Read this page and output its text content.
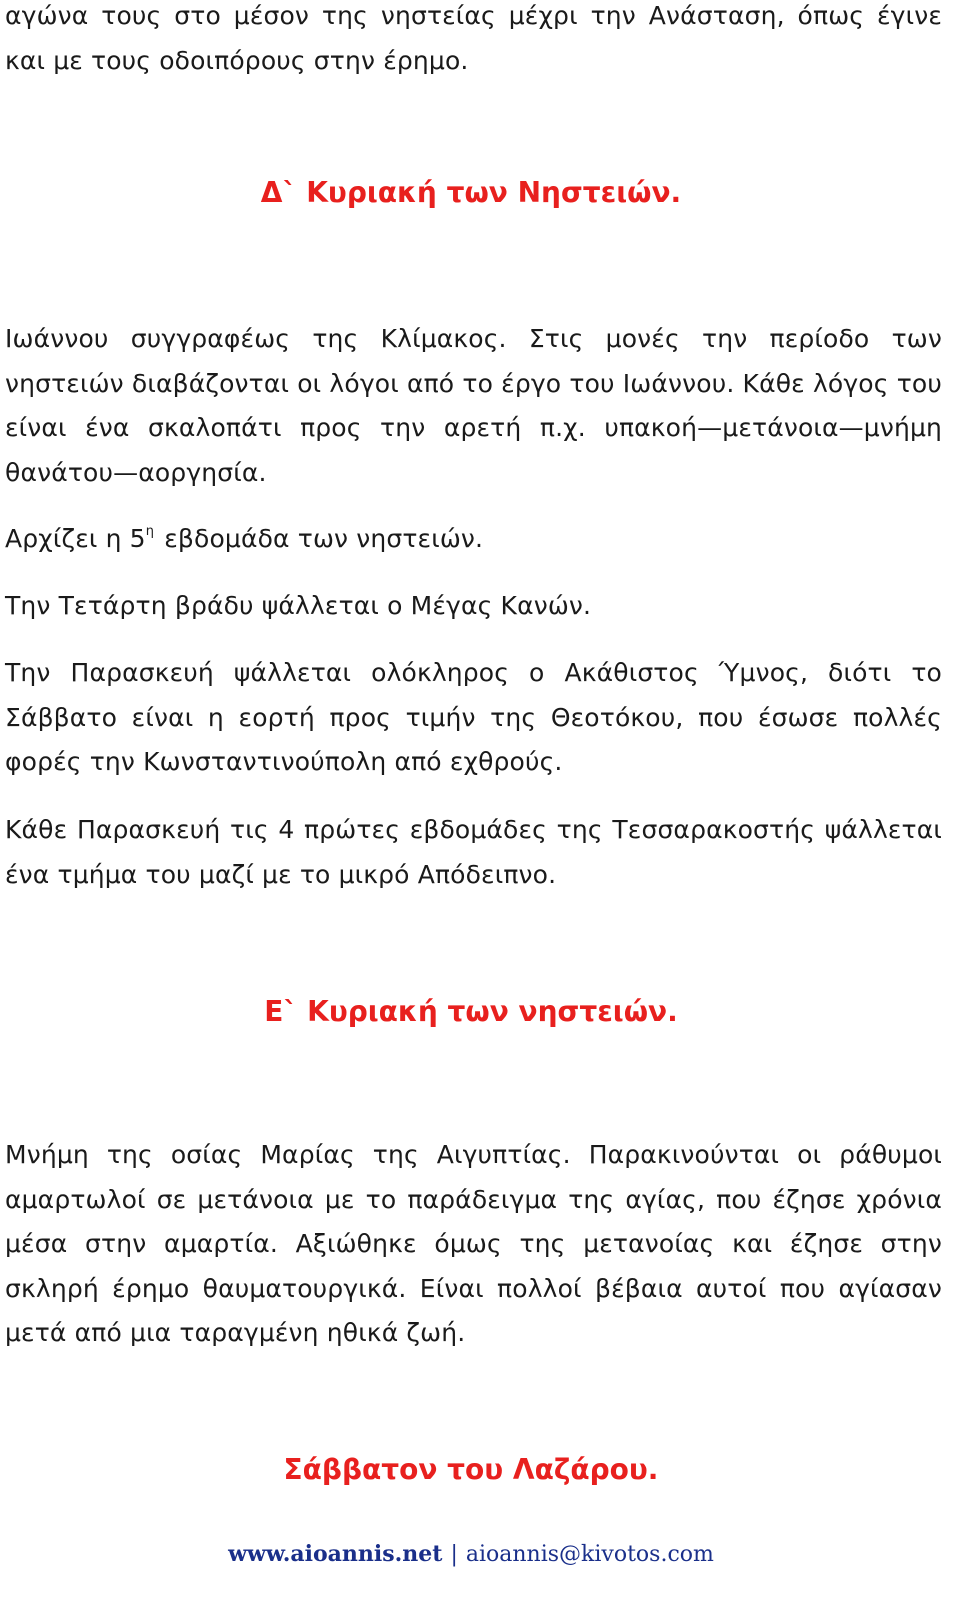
αγώνα τους στο μέσον της νηστείας μέχρι την Ανάσταση, όπως έγινε και με τους οδοιπόρους στην έρημο.

Δ` Κυριακή των Νηστειών.

Ιωάννου συγγραφέως της Κλίμακος. Στις μονές την περίοδο των νηστειών διαβάζονται οι λόγοι από το έργο του Ιωάννου. Κάθε λόγος του είναι ένα σκαλοπάτι προς την αρετή π.χ. υπακοή—μετάνοια—μνήμη θανάτου—αοργησία.

Αρχίζει η $5^\eta$ εβδομάδα των νηστειών.

Την Τετάρτη βράδυ ψάλλεται ο Μέγας Κανών.

Την Παρασκευή ψάλλεται ολόκληρος ο Ακάθιστος Ύμνος, διότι το Σάββατο είναι η εορτή προς τιμήν της Θεοτόκου, που έσωσε πολλές φορές την Κωνσταντινούπολη από εχθρούς.

Κάθε Παρασκευή τις 4 πρώτες εβδομάδες της Τεσσαρακοστής ψάλλεται ένα τμήμα του μαζί με το μικρό Απόδειπνο.

Ε` Κυριακή των νηστειών.

Μνήμη της οσίας Μαρίας της Αιγυπτίας. Παρακινούνται οι ράθυμοι αμαρτωλοί σε μετάνοια με το παράδειγμα της αγίας, που έζησε χρόνια μέσα στην αμαρτία. Αξιώθηκε όμως της μετανοίας και έζησε στην σκληρή έρημο θαυματουργικά. Είναι πολλοί βέβαια αυτοί που αγίασαν μετά από μια ταραγμένη ηθικά ζωή.

Σάββατον του Λαζάρου.
www.aioannis.net | aioannis@kivotos.com
